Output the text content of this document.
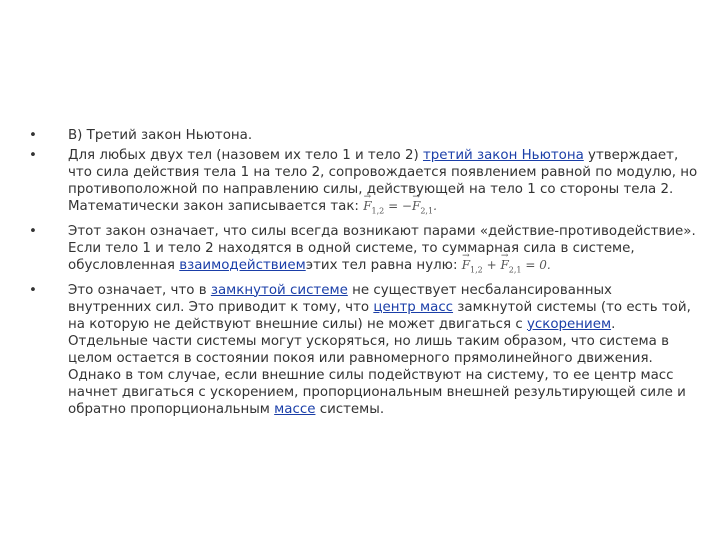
• В) Третий закон Ньютона.
• Для любых двух тел (назовем их тело 1 и тело 2) третий закон Ньютона утверждает, что сила действия тела 1 на тело 2, сопровождается появлением равной по модулю, но противоположной по направлению силы, действующей на тело 1 со стороны тела 2. Математически закон записывается так: → $F_{1,2}$ = −→ $F_{2,1}$.
• Этот закон означает, что силы всегда возникают парами «действие-противодействие». Если тело 1 и тело 2 находятся в одной системе, то суммарная сила в системе, обусловленная взаимодействиемэтих тел равна нулю: → $F_{1,2}$ + → $F_{2,1} = 0$.
• Это означает, что в замкнутой системе не существует несбалансированных внутренних сил. Это приводит к тому, что центр масс замкнутой системы (то есть той, на которую не действуют внешние силы) не может двигаться с ускорением. Отдельные части системы могут ускоряться, но лишь таким образом, что система в целом остается в состоянии покоя или равномерного прямолинейного движения. Однако в том случае, если внешние силы подействуют на систему, то ее центр масс начнет двигаться с ускорением, пропорциональным внешней результирующей силе и обратно пропорциональным массе системы.
